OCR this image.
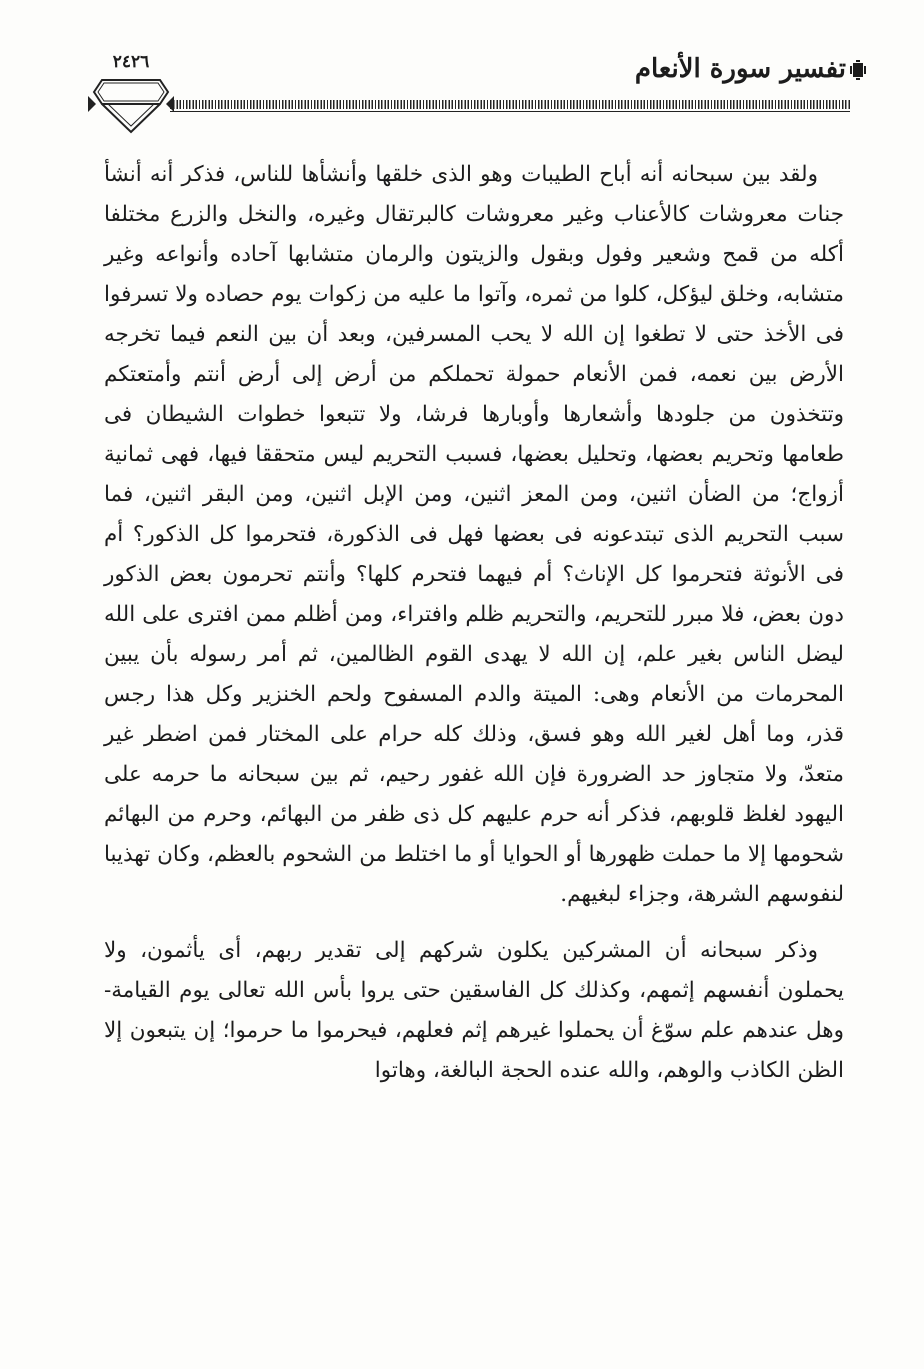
تفسير سورة الأنعام
٢٤٢٦

ولقد بين سبحانه أنه أباح الطيبات وهو الذى خلقها وأنشأها للناس، فذكر أنه أنشأ جنات معروشات كالأعناب وغير معروشات كالبرتقال وغيره، والنخل والزرع مختلفا أكله من قمح وشعير وفول وبقول والزيتون والرمان متشابها آحاده وأنواعه وغير متشابه، وخلق ليؤكل، كلوا من ثمره، وآتوا ما عليه من زكوات يوم حصاده ولا تسرفوا فى الأخذ حتى لا تطغوا إن الله لا يحب المسرفين، وبعد أن بين النعم فيما تخرجه الأرض بين نعمه، فمن الأنعام حمولة تحملكم من أرض إلى أرض أنتم وأمتعتكم وتتخذون من جلودها وأشعارها وأوبارها فرشا، ولا تتبعوا خطوات الشيطان فى طعامها وتحريم بعضها، وتحليل بعضها، فسبب التحريم ليس متحققا فيها، فهى ثمانية أزواج؛ من الضأن اثنين، ومن المعز اثنين، ومن الإبل اثنين، ومن البقر اثنين، فما سبب التحريم الذى تبتدعونه فى بعضها فهل فى الذكورة، فتحرموا كل الذكور؟ أم فى الأنوثة فتحرموا كل الإناث؟ أم فيهما فتحرم كلها؟ وأنتم تحرمون بعض الذكور دون بعض، فلا مبرر للتحريم، والتحريم ظلم وافتراء، ومن أظلم ممن افترى على الله ليضل الناس بغير علم، إن الله لا يهدى القوم الظالمين، ثم أمر رسوله بأن يبين المحرمات من الأنعام وهى: الميتة والدم المسفوح ولحم الخنزير وكل هذا رجس قذر، وما أهل لغير الله وهو فسق، وذلك كله حرام على المختار فمن اضطر غير متعدّ، ولا متجاوز حد الضرورة فإن الله غفور رحيم، ثم بين سبحانه ما حرمه على اليهود لغلظ قلوبهم، فذكر أنه حرم عليهم كل ذى ظفر من البهائم، وحرم من البهائم شحومها إلا ما حملت ظهورها أو الحوايا أو ما اختلط من الشحوم بالعظم، وكان تهذيبا لنفوسهم الشرهة، وجزاء لبغيهم.

وذكر سبحانه أن المشركين يكلون شركهم إلى تقدير ربهم، أى يأثمون، ولا يحملون أنفسهم إثمهم، وكذلك كل الفاسقين حتى يروا بأس الله تعالى يوم القيامة- وهل عندهم علم سوّغ أن يحملوا غيرهم إثم فعلهم، فيحرموا ما حرموا؛ إن يتبعون إلا الظن الكاذب والوهم، والله عنده الحجة البالغة، وهاتوا
